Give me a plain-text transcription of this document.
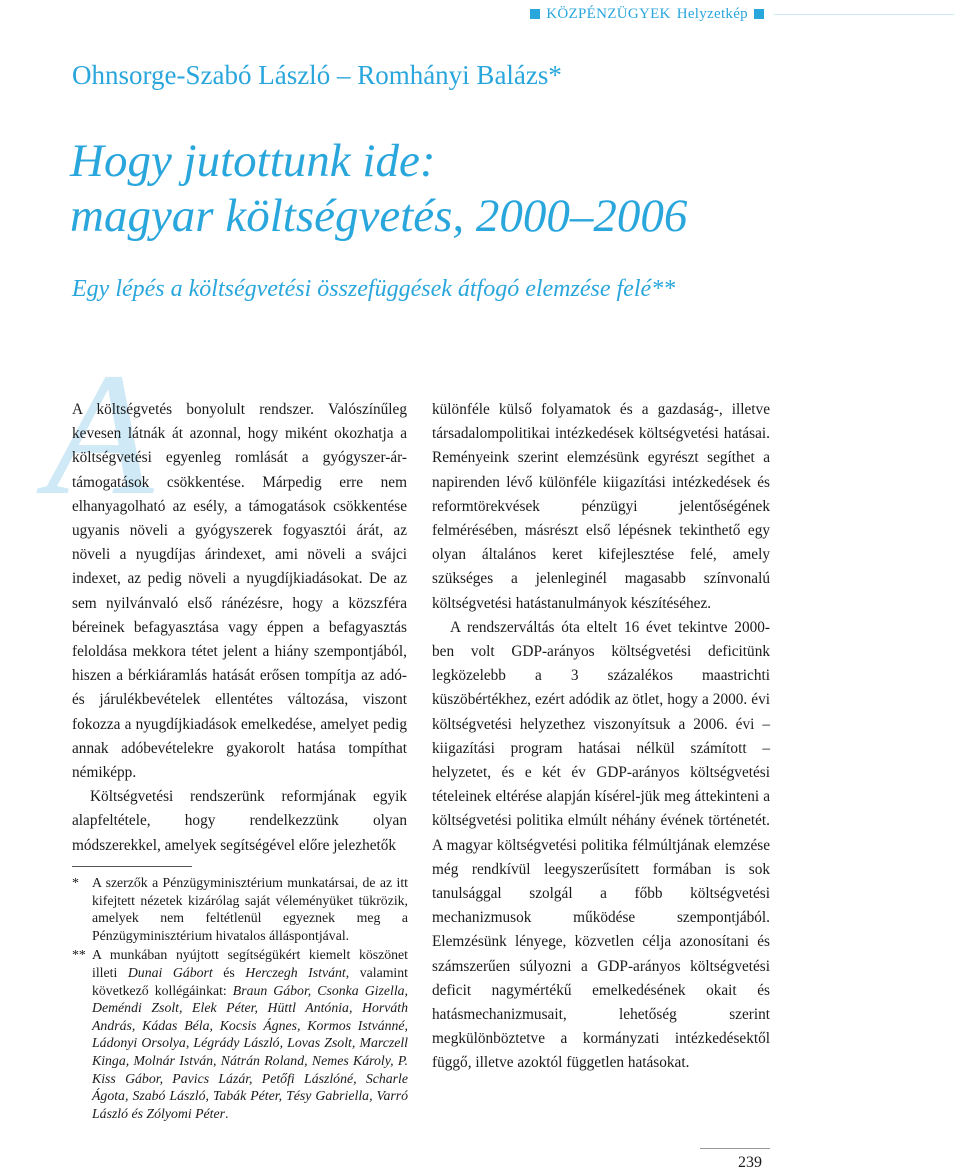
KÖZPÉNZÜGYEK Helyzetkép
Ohnsorge-Szabó László – Romhányi Balázs*
Hogy jutottunk ide:
magyar költségvetés, 2000–2006
Egy lépés a költségvetési összefüggések átfogó elemzése felé**
A

A költségvetés bonyolult rendszer. Valószínűleg kevesen látnák át azonnal, hogy miként okozhatja a költségvetési egyenleg romlását a gyógyszer-ár-támogatások csökkentése. Márpedig erre nem elhanyagolható az esély, a támogatások csökkentése ugyanis növeli a gyógyszerek fogyasztói árát, az növeli a nyugdíjas árindexet, ami növeli a svájci indexet, az pedig növeli a nyugdíjkiadásokat. De az sem nyilvánvaló első ránézésre, hogy a közszféra béreinek befagyasztása vagy éppen a befagyasztás feloldása mekkora tétet jelent a hiány szempontjából, hiszen a bérkiáramlás hatását erősen tompítja az adó- és járulékbevételek ellentétes változása, viszont fokozza a nyugdíjkiadások emelkedése, amelyet pedig annak adóbevételekre gyakorolt hatása tompíthat némiképp.

Költségvetési rendszerünk reformjának egyik alapfeltétele, hogy rendelkezzünk olyan módszerekkel, amelyek segítségével előre jelezhetők

különféle külső folyamatok és a gazdaság-, illetve társadalompolitikai intézkedések költségvetési hatásai. Reményeink szerint elemzésünk egyrészt segíthet a napirenden lévő különféle kiigazítási intézkedések és reformtörekvések pénzügyi jelentőségének felmérésében, másrészt első lépésnek tekinthető egy olyan általános keret kifejlesztése felé, amely szükséges a jelenleginél magasabb színvonalú költségvetési hatástanulmányok készítéséhez.

A rendszerváltás óta eltelt 16 évet tekintve 2000-ben volt GDP-arányos költségvetési deficitünk legközelebb a 3 százalékos maastrichti küszöbértékhez, ezért adódik az ötlet, hogy a 2000. évi költségvetési helyzethez viszonyítsuk a 2006. évi – kiigazítási program hatásai nélkül számított – helyzetet, és e két év GDP-arányos költségvetési tételeinek eltérése alapján kísérel-jük meg áttekinteni a költségvetési politika elmúlt néhány évének történetét. A magyar költségvetési politika félmúltjának elemzése még rendkívül leegyszerűsített formában is sok tanulsággal szolgál a főbb költségvetési mechanizmusok működése szempontjából. Elemzésünk lényege, közvetlen célja azonosítani és számszerűen súlyozni a GDP-arányos költségvetési deficit nagymértékű emelkedésének okait és hatásmechanizmusait, lehetőség szerint megkülönböztetve a kormányzati intézkedésektől függő, illetve azoktól független hatásokat.

* A szerzők a Pénzügyminisztérium munkatársai, de az itt kifejtett nézetek kizárólag saját véleményüket tükrözik, amelyek nem feltétlenül egyeznek meg a Pénzügyminisztérium hivatalos álláspontjával.
** A munkában nyújtott segítségükért kiemelt köszönet illeti Dunai Gábort és Herczegh Istvánt, valamint következő kollégáinkat: Braun Gábor, Csonka Gizella, Deméndi Zsolt, Elek Péter, Hüttl Antónia, Horváth András, Kádas Béla, Kocsis Ágnes, Kormos Istvánné, Ládonyi Orsolya, Légrády László, Lovas Zsolt, Marczell Kinga, Molnár István, Nátrán Roland, Nemes Károly, P. Kiss Gábor, Pavics Lázár, Petőfi Lászlóné, Scharle Ágota, Szabó László, Tabák Péter, Tésy Gabriella, Varró László és Zólyomi Péter.
239
